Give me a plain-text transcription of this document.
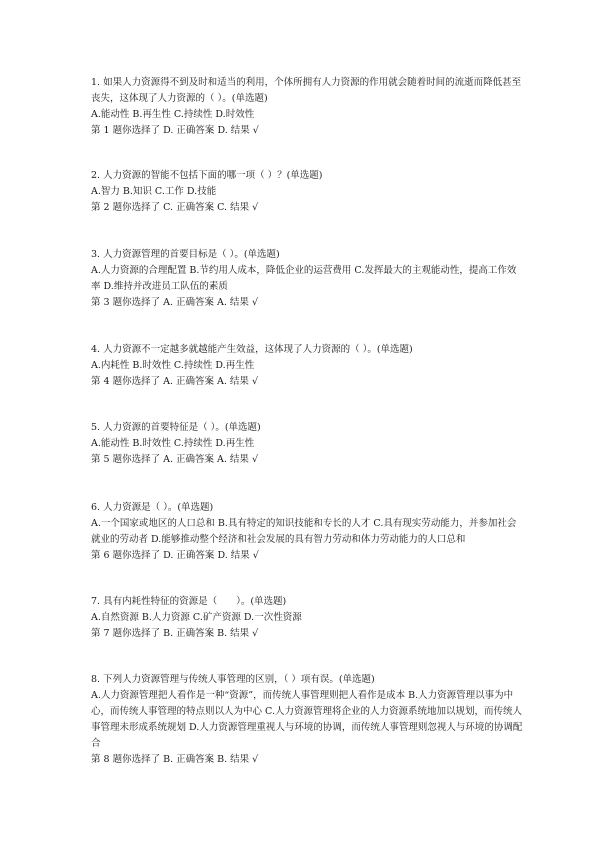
1. 如果人力资源得不到及时和适当的利用，个体所拥有人力资源的作用就会随着时间的流逝而降低甚至丧失，这体现了人力资源的（ ）。(单选题)
A.能动性 B.再生性 C.持续性 D.时效性
第 1 题你选择了 D. 正确答案 D. 结果 √
2. 人力资源的智能不包括下面的哪一项（ ）？(单选题)
A.智力 B.知识 C.工作 D.技能
第 2 题你选择了 C. 正确答案 C. 结果 √
3. 人力资源管理的首要目标是（ ）。(单选题)
A.人力资源的合理配置 B.节约用人成本，降低企业的运营费用 C.发挥最大的主观能动性，提高工作效率 D.维持并改进员工队伍的素质
第 3 题你选择了 A. 正确答案 A. 结果 √
4. 人力资源不一定越多就越能产生效益，这体现了人力资源的（ ）。(单选题)
A.内耗性 B.时效性 C.持续性 D.再生性
第 4 题你选择了 A. 正确答案 A. 结果 √
5. 人力资源的首要特征是（ ）。(单选题)
A.能动性 B.时效性 C.持续性 D.再生性
第 5 题你选择了 A. 正确答案 A. 结果 √
6. 人力资源是（ ）。(单选题)
A.一个国家或地区的人口总和 B.具有特定的知识技能和专长的人才 C.具有现实劳动能力，并参加社会就业的劳动者 D.能够推动整个经济和社会发展的具有智力劳动和体力劳动能力的人口总和
第 6 题你选择了 D. 正确答案 D. 结果 √
7. 具有内耗性特征的资源是（　　）。(单选题)
A.自然资源 B.人力资源 C.矿产资源 D.一次性资源
第 7 题你选择了 B. 正确答案 B. 结果 √
8. 下列人力资源管理与传统人事管理的区别，（ ）项有误。(单选题)
A.人力资源管理把人看作是一种“资源”，而传统人事管理则把人看作是成本 B.人力资源管理以事为中心，而传统人事管理的特点则以人为中心 C.人力资源管理将企业的人力资源系统地加以规划，而传统人事管理未形成系统规划 D.人力资源管理重视人与环境的协调，而传统人事管理则忽视人与环境的协调配合
第 8 题你选择了 B. 正确答案 B. 结果 √
